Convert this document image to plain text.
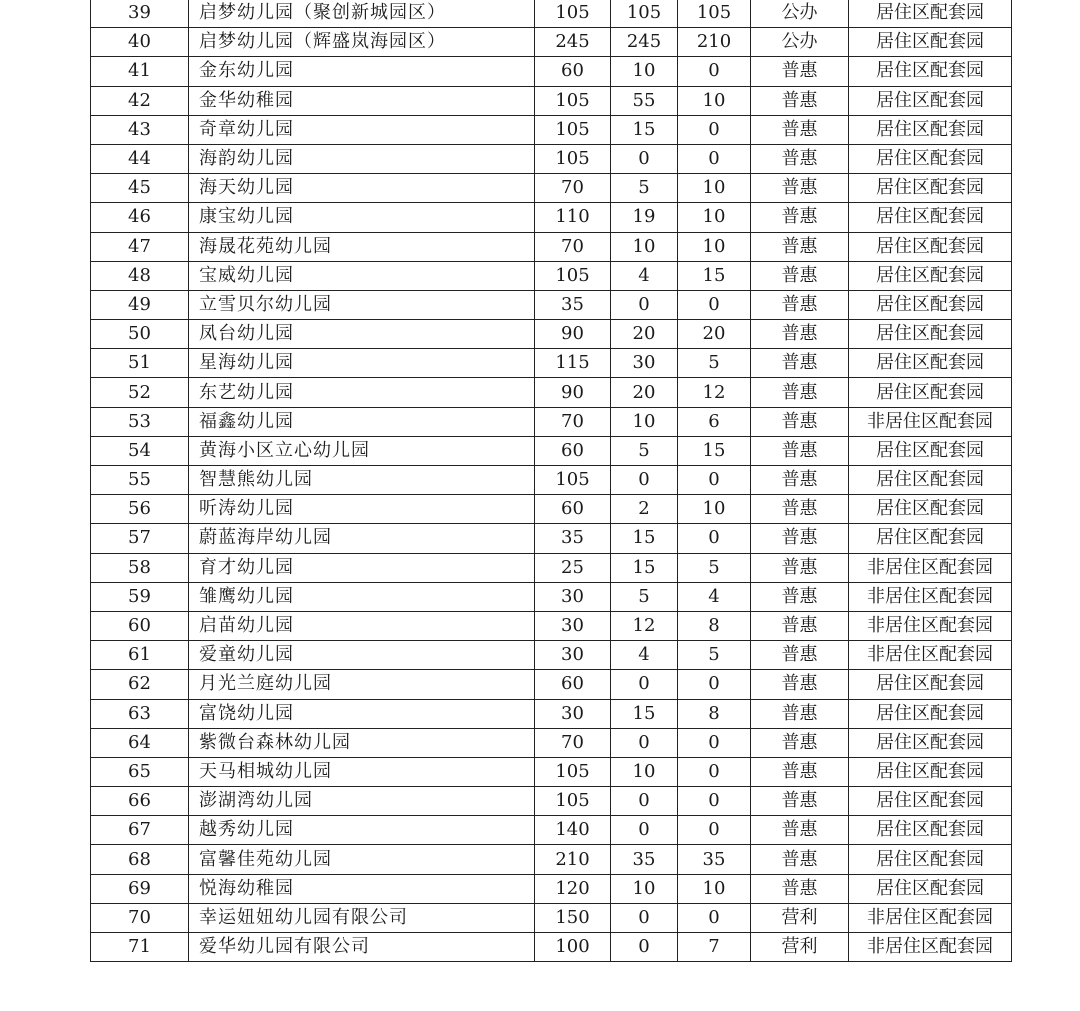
39	启梦幼儿园（聚创新城园区）	105	105	105	公办	居住区配套园
40	启梦幼儿园（辉盛岚海园区）	245	245	210	公办	居住区配套园
41	金东幼儿园	60	10	0	普惠	居住区配套园
42	金华幼稚园	105	55	10	普惠	居住区配套园
43	奇章幼儿园	105	15	0	普惠	居住区配套园
44	海韵幼儿园	105	0	0	普惠	居住区配套园
45	海天幼儿园	70	5	10	普惠	居住区配套园
46	康宝幼儿园	110	19	10	普惠	居住区配套园
47	海晟花苑幼儿园	70	10	10	普惠	居住区配套园
48	宝威幼儿园	105	4	15	普惠	居住区配套园
49	立雪贝尔幼儿园	35	0	0	普惠	居住区配套园
50	凤台幼儿园	90	20	20	普惠	居住区配套园
51	星海幼儿园	115	30	5	普惠	居住区配套园
52	东艺幼儿园	90	20	12	普惠	居住区配套园
53	福鑫幼儿园	70	10	6	普惠	非居住区配套园
54	黄海小区立心幼儿园	60	5	15	普惠	居住区配套园
55	智慧熊幼儿园	105	0	0	普惠	居住区配套园
56	听涛幼儿园	60	2	10	普惠	居住区配套园
57	蔚蓝海岸幼儿园	35	15	0	普惠	居住区配套园
58	育才幼儿园	25	15	5	普惠	非居住区配套园
59	雏鹰幼儿园	30	5	4	普惠	非居住区配套园
60	启苗幼儿园	30	12	8	普惠	非居住区配套园
61	爱童幼儿园	30	4	5	普惠	非居住区配套园
62	月光兰庭幼儿园	60	0	0	普惠	居住区配套园
63	富饶幼儿园	30	15	8	普惠	居住区配套园
64	紫微台森林幼儿园	70	0	0	普惠	居住区配套园
65	天马相城幼儿园	105	10	0	普惠	居住区配套园
66	澎湖湾幼儿园	105	0	0	普惠	居住区配套园
67	越秀幼儿园	140	0	0	普惠	居住区配套园
68	富馨佳苑幼儿园	210	35	35	普惠	居住区配套园
69	悦海幼稚园	120	10	10	普惠	居住区配套园
70	幸运妞妞幼儿园有限公司	150	0	0	营利	非居住区配套园
71	爱华幼儿园有限公司	100	0	7	营利	非居住区配套园
